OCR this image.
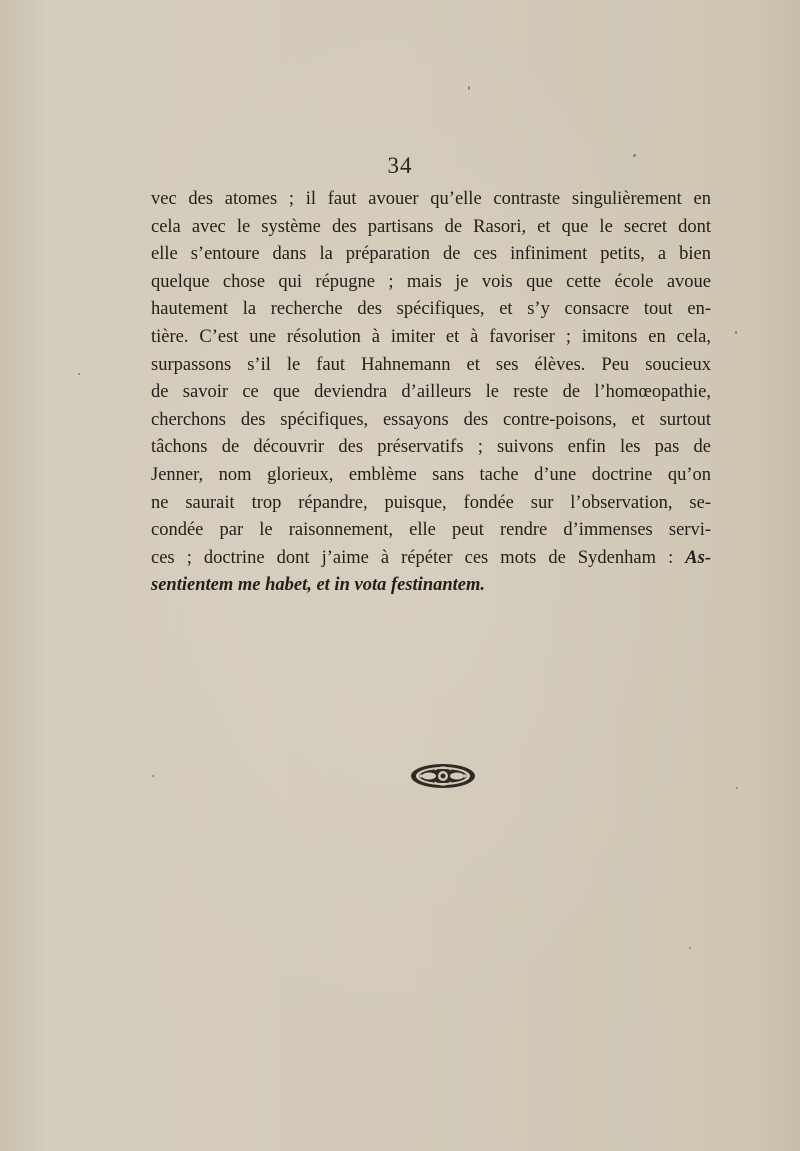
34
vec des atomes ; il faut avouer qu’elle contraste singulièrement en
cela avec le système des partisans de Rasori, et que le secret dont
elle s’entoure dans la préparation de ces infiniment petits, a bien
quelque chose qui répugne ; mais je vois que cette école avoue
hautement la recherche des spécifiques, et s’y consacre tout en-
tière. C’est une résolution à imiter et à favoriser ; imitons en cela,
surpassons s’il le faut Hahnemann et ses élèves. Peu soucieux
de savoir ce que deviendra d’ailleurs le reste de l’homœopathie,
cherchons des spécifiques, essayons des contre-poisons, et surtout
tâchons de découvrir des préservatifs ; suivons enfin les pas de
Jenner, nom glorieux, emblème sans tache d’une doctrine qu’on
ne saurait trop répandre, puisque, fondée sur l’observation, se-
condée par le raisonnement, elle peut rendre d’immenses servi-
ces ; doctrine dont j’aime à répéter ces mots de Sydenham : As-
sentientem me habet, et in vota festinantem.
